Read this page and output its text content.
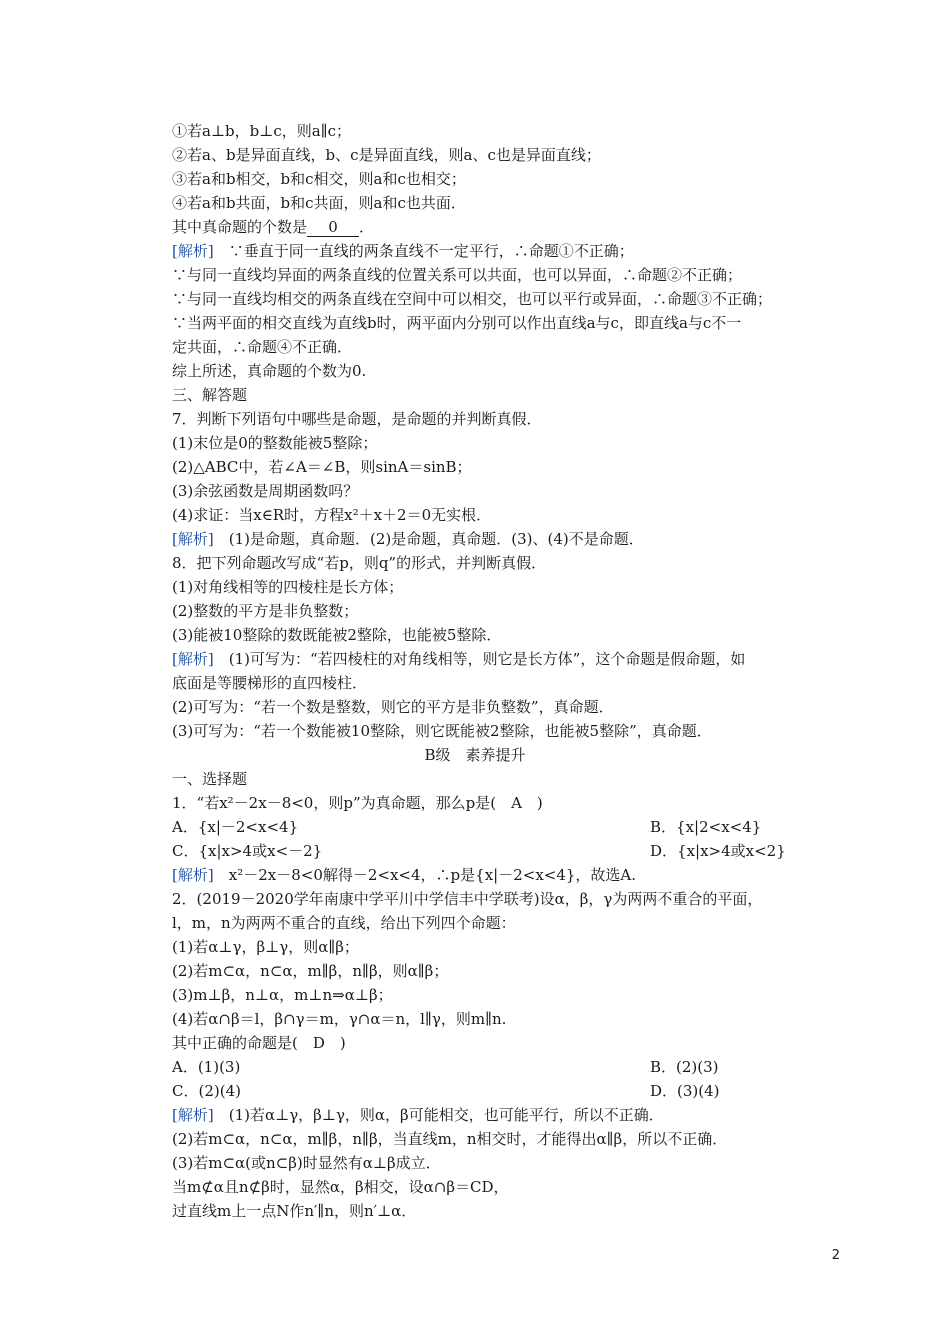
①若a⊥b，b⊥c，则a∥c；
②若a、b是异面直线，b、c是异面直线，则a、c也是异面直线；
③若a和b相交，b和c相交，则a和c也相交；
④若a和b共面，b和c共面，则a和c也共面．
其中真命题的个数是 0 ．
[解析]　 ∵垂直于同一直线的两条直线不一定平行，∴命题①不正确；
∵与同一直线均异面的两条直线的位置关系可以共面，也可以异面，∴命题②不正确；
∵与同一直线均相交的两条直线在空间中可以相交，也可以平行或异面，∴命题③不正确；
∵当两平面的相交直线为直线b时，两平面内分别可以作出直线a与c，即直线a与c不一
定共面，∴命题④不正确．
综上所述，真命题的个数为0.
三、解答题
7．判断下列语句中哪些是命题，是命题的并判断真假．
(1)末位是0的整数能被5整除；
(2)△ABC中，若∠A＝∠B，则sinA＝sinB；
(3)余弦函数是周期函数吗？
(4)求证：当x∈R时，方程x²＋x＋2＝0无实根．
[解析]　 (1)是命题，真命题．(2)是命题，真命题．(3)、(4)不是命题．
8．把下列命题改写成“若p，则q”的形式，并判断真假．
(1)对角线相等的四棱柱是长方体；
(2)整数的平方是非负整数；
(3)能被10整除的数既能被2整除，也能被5整除．
[解析]　 (1)可写为：“若四棱柱的对角线相等，则它是长方体”，这个命题是假命题，如
底面是等腰梯形的直四棱柱．
(2)可写为：“若一个数是整数，则它的平方是非负整数”，真命题．
(3)可写为：“若一个数能被10整除，则它既能被2整除，也能被5整除”，真命题．
B级　素养提升
一、选择题
1．“若x²－2x－8<0，则p”为真命题，那么p是(　A　)
A．{x|－2<x<4}	B．{x|2<x<4}
C．{x|x>4或x<－2}	D．{x|x>4或x<2}
[解析]　 x²－2x－8<0解得－2<x<4，∴p是{x|－2<x<4}，故选A.
2．(2019－2020学年南康中学平川中学信丰中学联考)设α，β，γ为两两不重合的平面，
l，m，n为两两不重合的直线，给出下列四个命题：
(1)若α⊥γ，β⊥γ，则α∥β；
(2)若m⊂α，n⊂α，m∥β，n∥β，则α∥β；
(3)m⊥β，n⊥α，m⊥n⇒α⊥β；
(4)若α∩β＝l，β∩γ＝m，γ∩α＝n，l∥γ，则m∥n.
其中正确的命题是(　D　)
A．(1)(3)	B．(2)(3)
C．(2)(4)	D．(3)(4)
[解析]　 (1)若α⊥γ，β⊥γ，则α，β可能相交，也可能平行，所以不正确．
(2)若m⊂α，n⊂α，m∥β，n∥β，当直线m，n相交时，才能得出α∥β，所以不正确．
(3)若m⊂α(或n⊂β)时显然有α⊥β成立．
当m⊄α且n⊄β时，显然α，β相交，设α∩β＝CD，
过直线m上一点N作n′∥n，则n′⊥α．
2
